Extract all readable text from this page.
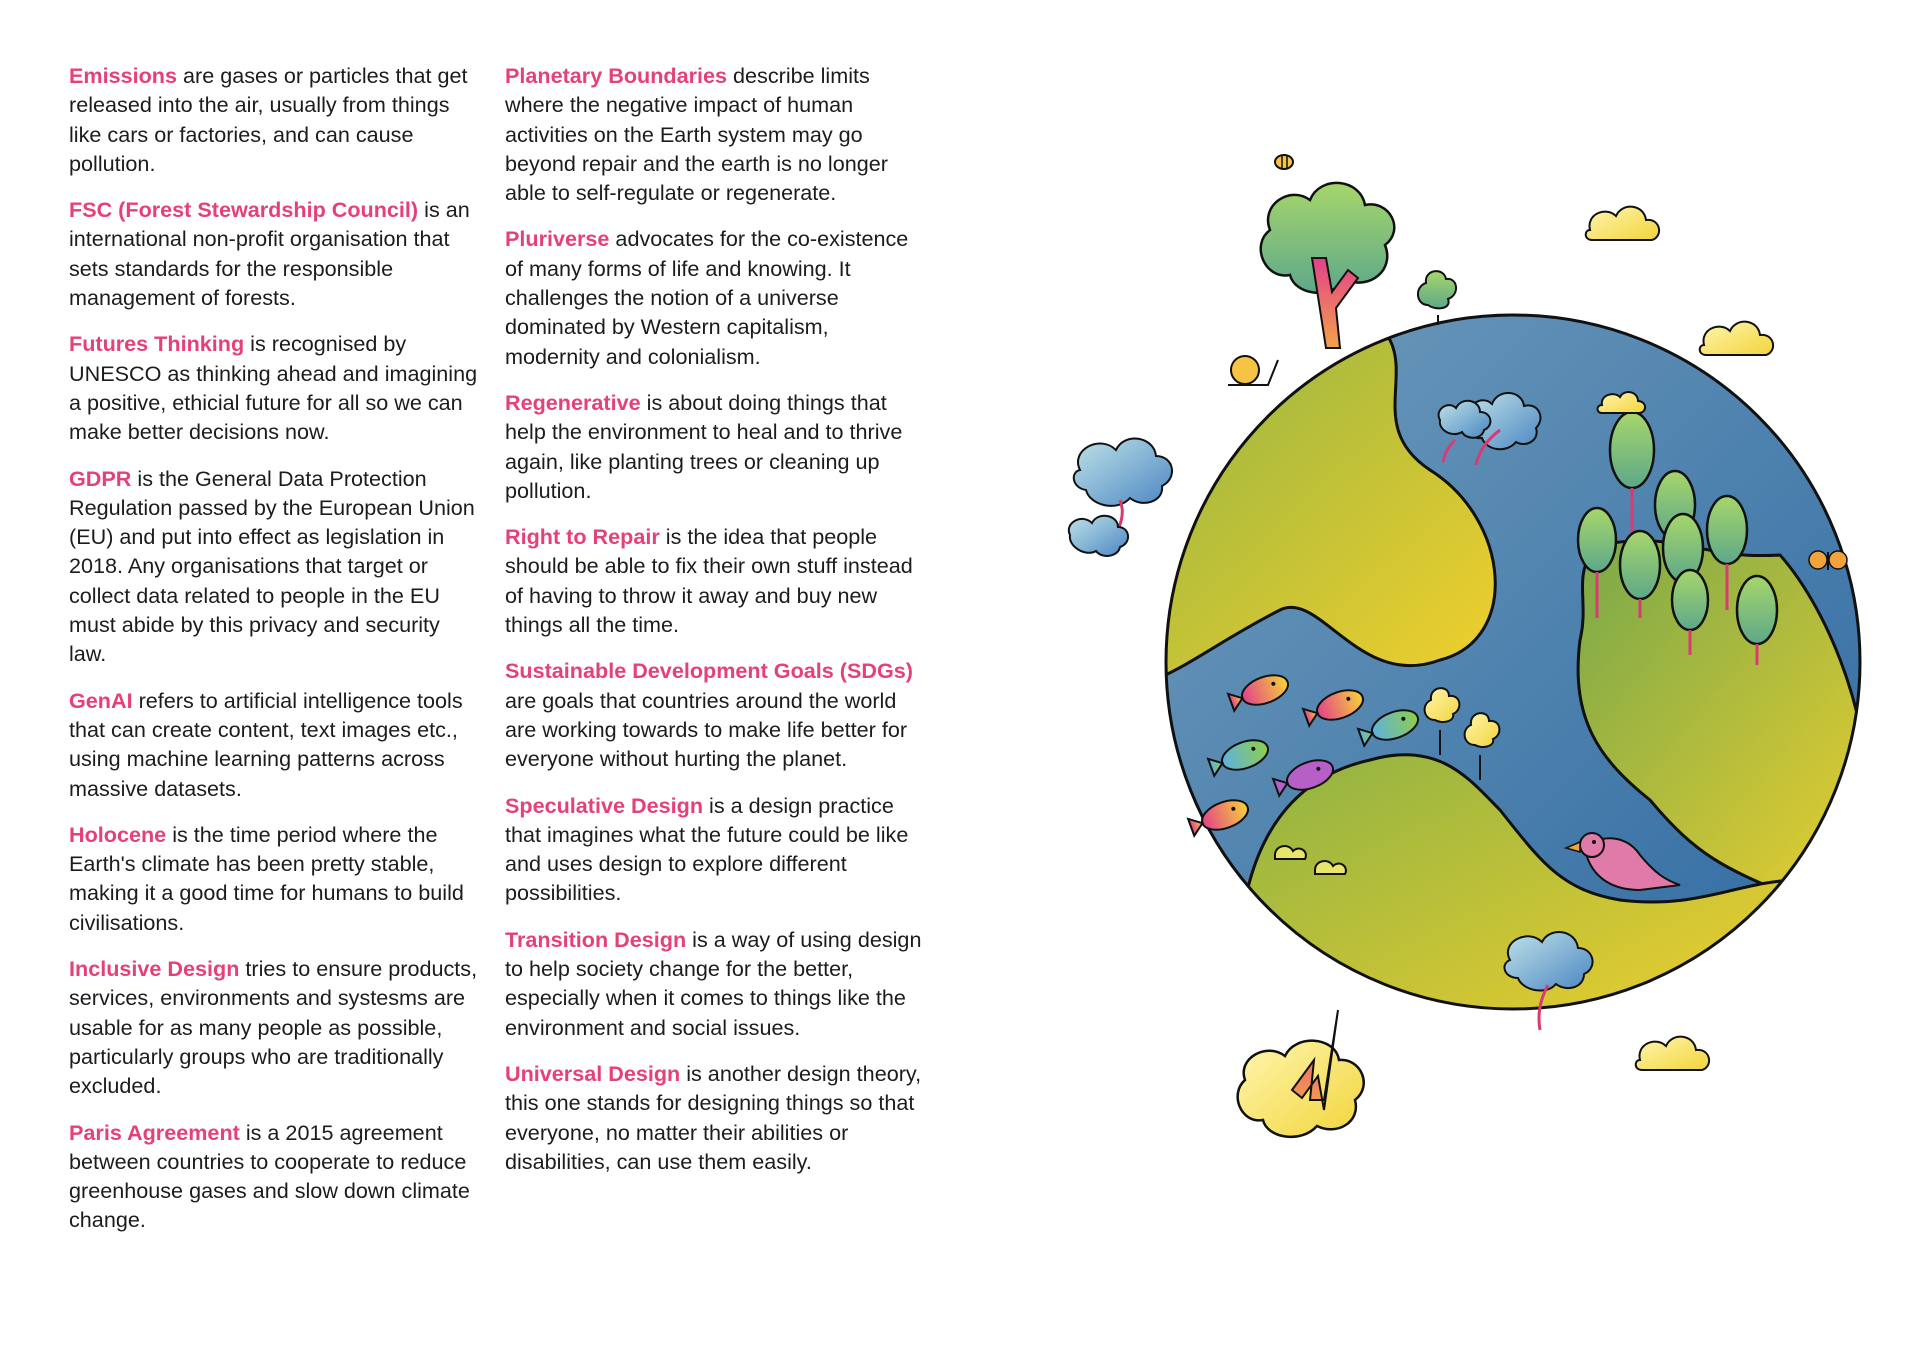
Emissions are gases or particles that get released into the air, usually from things like cars or factories, and can cause pollution.

FSC (Forest Stewardship Council) is an international non-profit organisation that sets standards for the responsible management of forests.

Futures Thinking is recognised by UNESCO as thinking ahead and imagining a positive, ethicial future for all so we can make better decisions now.

GDPR is the General Data Protection Regulation passed by the European Union (EU) and put into effect as legislation in 2018. Any organisations that target or collect data related to people in the EU must abide by this privacy and security law.

GenAI refers to artificial intelligence tools that can create content, text images etc., using machine learning patterns across massive datasets.

Holocene is the time period where the Earth's climate has been pretty stable, making it a good time for humans to build civilisations.

Inclusive Design tries to ensure products, services, environments and systesms are usable for as many people as possible, particularly groups who are traditionally excluded.

Paris Agreement is a 2015 agreement between countries to cooperate to reduce greenhouse gases and slow down climate change.

Planetary Boundaries describe limits where the negative impact of human activities on the Earth system may go beyond repair and the earth is no longer able to self-regulate or regenerate.

Pluriverse advocates for the co-existence of many forms of life and knowing. It challenges the notion of a universe dominated by Western capitalism, modernity and colonialism.

Regenerative is about doing things that help the environment to heal and to thrive again, like planting trees or cleaning up pollution.

Right to Repair is the idea that people should be able to fix their own stuff instead of having to throw it away and buy new things all the time.

Sustainable Development Goals (SDGs) are goals that countries around the world are working towards to make life better for everyone without hurting the planet.

Speculative Design is a design practice that imagines what the future could be like and uses design to explore different possibilities.

Transition Design is a way of using design to help society change for the better, especially when it comes to things like the environment and social issues.

Universal Design is another design theory, this one stands for designing things so that everyone, no matter their abilities or disabilities, can use them easily.
